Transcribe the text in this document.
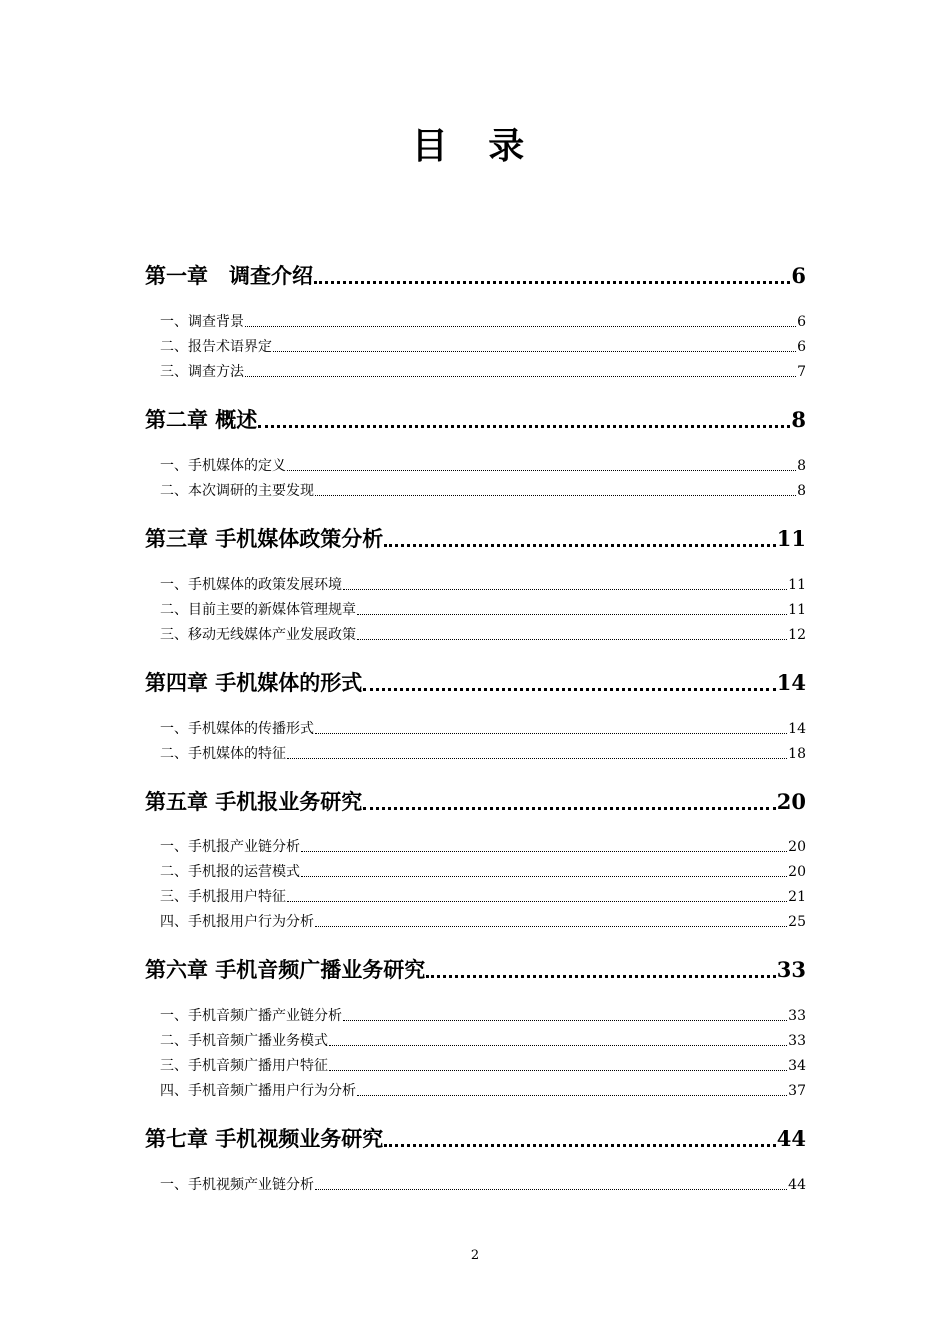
目 录
第一章　调查介绍	6
一、调查背景	6
二、报告术语界定	6
三、调查方法	7
第二章 概述	8
一、手机媒体的定义	8
二、本次调研的主要发现	8
第三章 手机媒体政策分析	11
一、手机媒体的政策发展环境	11
二、目前主要的新媒体管理规章	11
三、移动无线媒体产业发展政策	12
第四章 手机媒体的形式	14
一、手机媒体的传播形式	14
二、手机媒体的特征	18
第五章 手机报业务研究	20
一、手机报产业链分析	20
二、手机报的运营模式	20
三、手机报用户特征	21
四、手机报用户行为分析	25
第六章 手机音频广播业务研究	33
一、手机音频广播产业链分析	33
二、手机音频广播业务模式	33
三、手机音频广播用户特征	34
四、手机音频广播用户行为分析	37
第七章 手机视频业务研究	44
一、手机视频产业链分析	44
2
